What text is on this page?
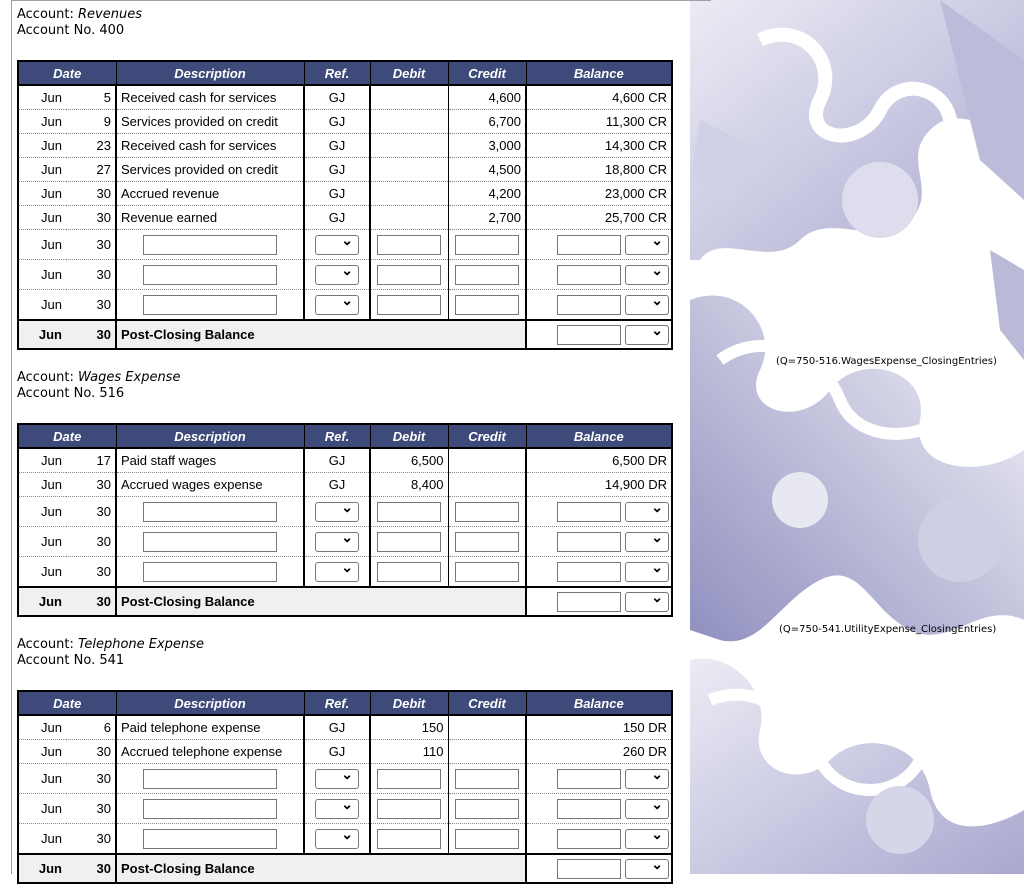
(Q=750-516.WagesExpense_ClosingEntries)
(Q=750-541.UtilityExpense_ClosingEntries)
Account: Revenues
Account No. 400
Date		Description	Ref.	Debit	Credit	Balance
Jun	5	Received cash for services	GJ		4,600	4,600 CR
Jun	9	Services provided on credit	GJ		6,700	11,300 CR
Jun	23	Received cash for services	GJ		3,000	14,300 CR
Jun	27	Services provided on credit	GJ		4,500	18,800 CR
Jun	30	Accrued revenue	GJ		4,200	23,000 CR
Jun	30	Revenue earned	GJ		2,700	25,700 CR
Jun	30		⌄			⌄

Jun	30		⌄			⌄

Jun	30		⌄			⌄

Jun	30	Post-Closing Balance				⌄
Account: Wages Expense
Account No. 516
Date		Description	Ref.	Debit	Credit	Balance
Jun	17	Paid staff wages	GJ	6,500		6,500 DR
Jun	30	Accrued wages expense	GJ	8,400		14,900 DR
Jun	30		⌄			⌄

Jun	30		⌄			⌄

Jun	30		⌄			⌄

Jun	30	Post-Closing Balance				⌄
Account: Telephone Expense
Account No. 541
Date		Description	Ref.	Debit	Credit	Balance
Jun	6	Paid telephone expense	GJ	150		150 DR
Jun	30	Accrued telephone expense	GJ	110		260 DR
Jun	30		⌄			⌄

Jun	30		⌄			⌄

Jun	30		⌄			⌄

Jun	30	Post-Closing Balance				⌄
